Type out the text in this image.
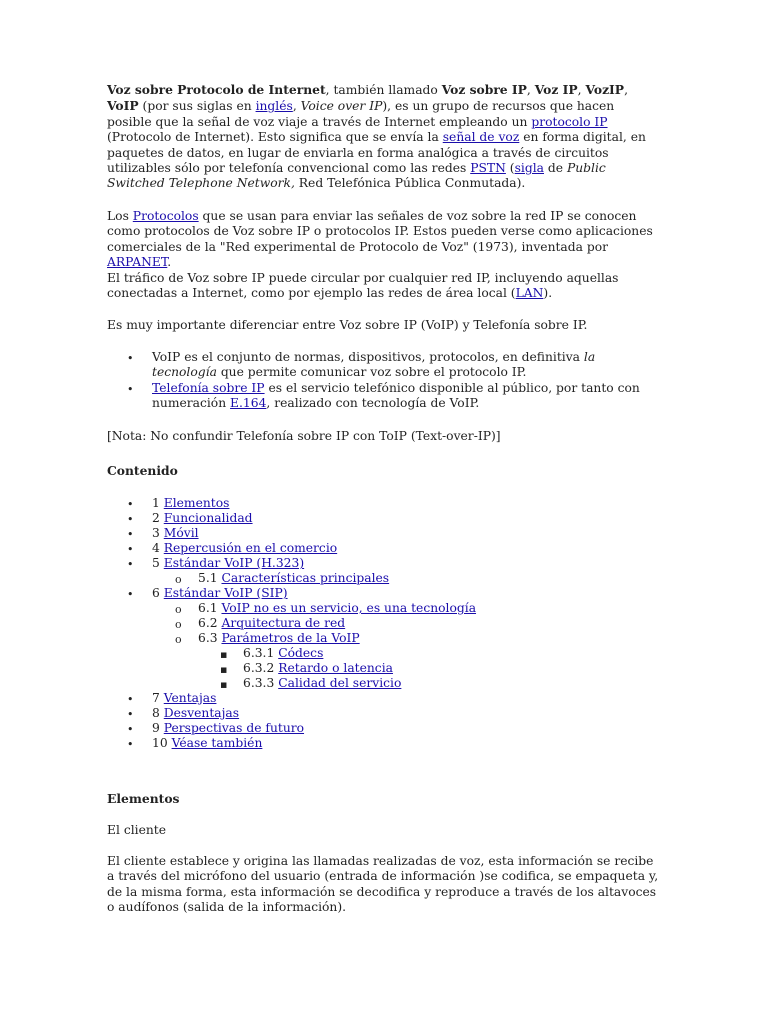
Voz sobre Protocolo de Internet, también llamado Voz sobre IP, Voz IP, VozIP, VoIP (por sus siglas en inglés, Voice over IP), es un grupo de recursos que hacen posible que la señal de voz viaje a través de Internet empleando un protocolo IP (Protocolo de Internet). Esto significa que se envía la señal de voz en forma digital, en paquetes de datos, en lugar de enviarla en forma analógica a través de circuitos utilizables sólo por telefonía convencional como las redes PSTN (sigla de Public Switched Telephone Network, Red Telefónica Pública Conmutada).

Los Protocolos que se usan para enviar las señales de voz sobre la red IP se conocen como protocolos de Voz sobre IP o protocolos IP. Estos pueden verse como aplicaciones comerciales de la "Red experimental de Protocolo de Voz" (1973), inventada por ARPANET.

El tráfico de Voz sobre IP puede circular por cualquier red IP, incluyendo aquellas conectadas a Internet, como por ejemplo las redes de área local (LAN).

Es muy importante diferenciar entre Voz sobre IP (VoIP) y Telefonía sobre IP.

• VoIP es el conjunto de normas, dispositivos, protocolos, en definitiva la tecnología que permite comunicar voz sobre el protocolo IP.

• Telefonía sobre IP es el servicio telefónico disponible al público, por tanto con numeración E.164, realizado con tecnología de VoIP.

[Nota: No confundir Telefonía sobre IP con ToIP (Text-over-IP)]

Contenido

• 1 Elementos
• 2 Funcionalidad
• 3 Móvil
• 4 Repercusión en el comercio
• 5 Estándar VoIP (H.323)
o 5.1 Características principales
• 6 Estándar VoIP (SIP)
o 6.1 VoIP no es un servicio, es una tecnología
o 6.2 Arquitectura de red
o 6.3 Parámetros de la VoIP
▪ 6.3.1 Códecs
▪ 6.3.2 Retardo o latencia
▪ 6.3.3 Calidad del servicio
• 7 Ventajas
• 8 Desventajas
• 9 Perspectivas de futuro
• 10 Véase también

Elementos

El cliente

El cliente establece y origina las llamadas realizadas de voz, esta información se recibe a través del micrófono del usuario (entrada de información )se codifica, se empaqueta y, de la misma forma, esta información se decodifica y reproduce a través de los altavoces o audífonos (salida de la información).
